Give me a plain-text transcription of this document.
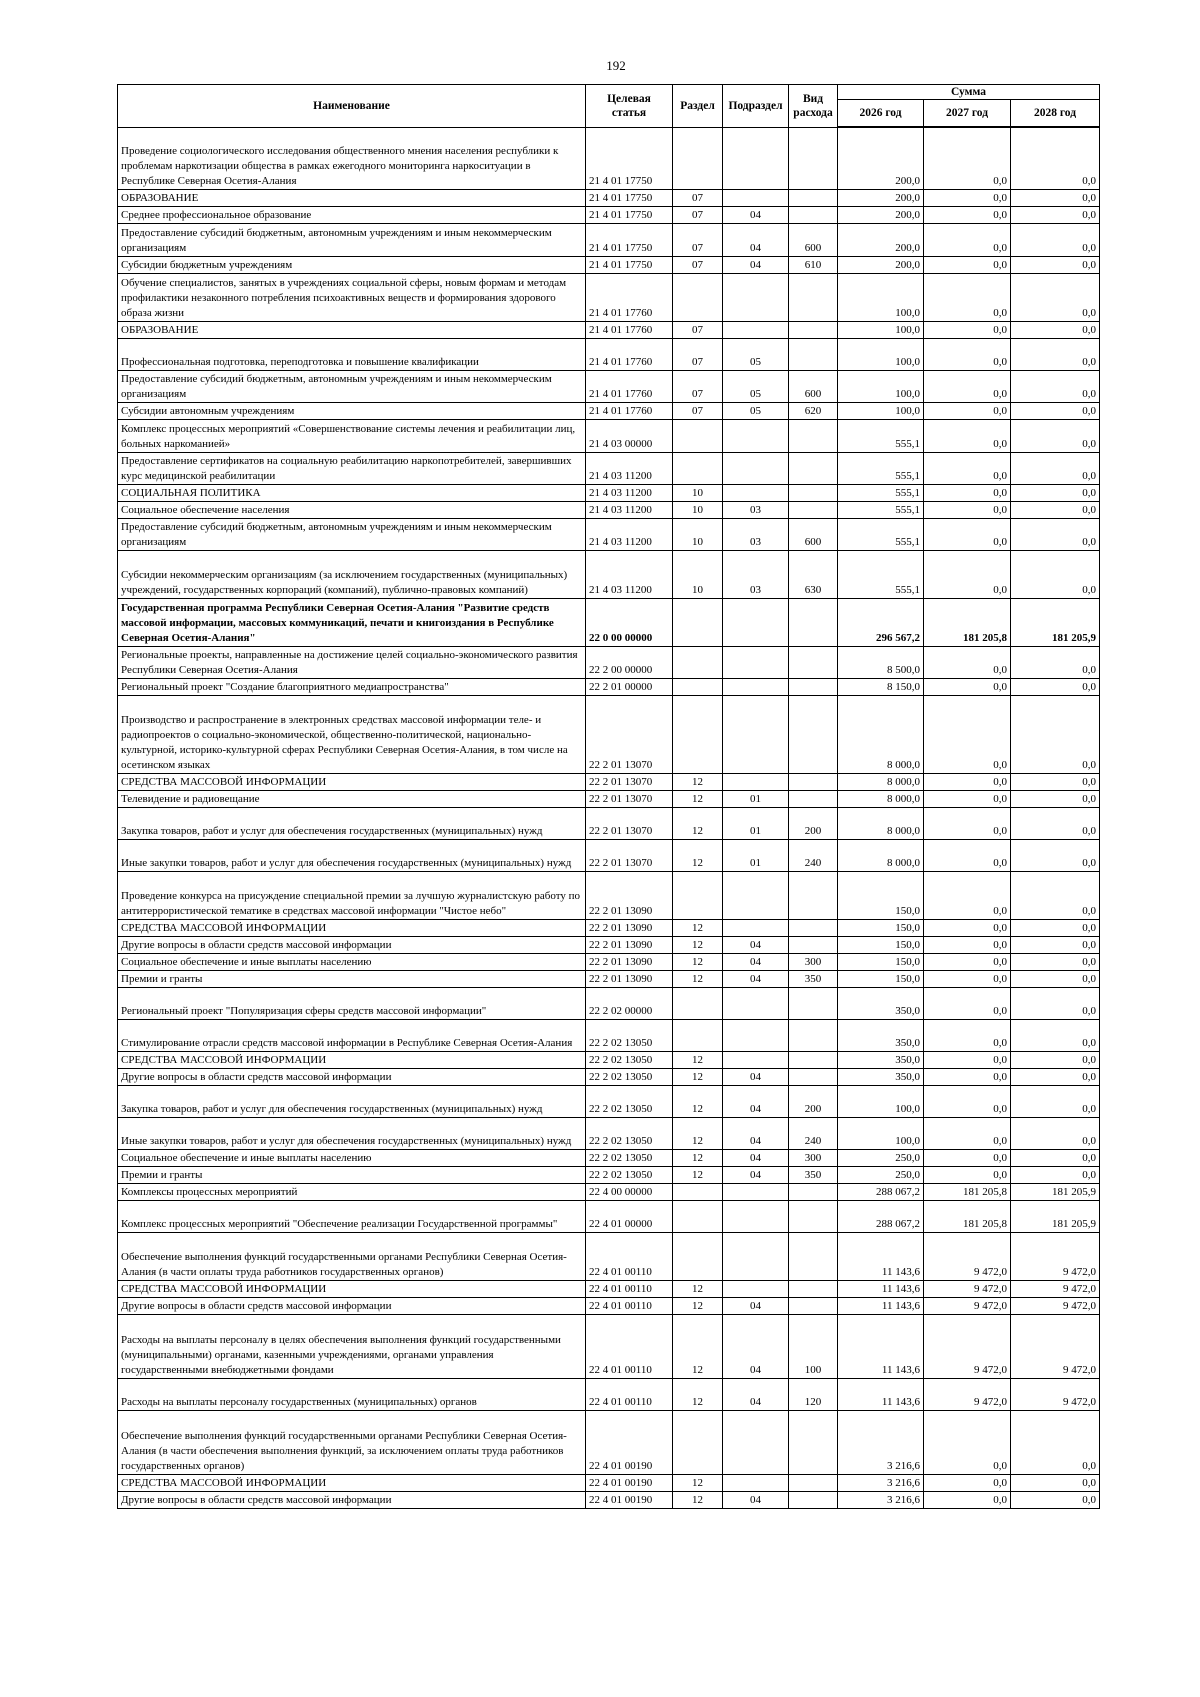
192
Наименование	Целевая статья	Раздел	Подраздел	Вид расхода	Сумма		
					2026 год	2027 год	2028 год
Проведение социологического исследования общественного мнения населения республики к проблемам наркотизации общества в рамках ежегодного мониторинга наркоситуации в Республике Северная Осетия-Алания	21 4 01 17750				200,0	0,0	0,0
ОБРАЗОВАНИЕ	21 4 01 17750	07			200,0	0,0	0,0
Среднее профессиональное образование	21 4 01 17750	07	04		200,0	0,0	0,0
Предоставление субсидий бюджетным, автономным учреждениям и иным некоммерческим организациям	21 4 01 17750	07	04	600	200,0	0,0	0,0
Субсидии бюджетным учреждениям	21 4 01 17750	07	04	610	200,0	0,0	0,0
Обучение специалистов, занятых в учреждениях социальной сферы, новым формам и методам профилактики незаконного потребления психоактивных веществ и формирования здорового образа жизни	21 4 01 17760				100,0	0,0	0,0
ОБРАЗОВАНИЕ	21 4 01 17760	07			100,0	0,0	0,0
Профессиональная подготовка, переподготовка и повышение квалификации	21 4 01 17760	07	05		100,0	0,0	0,0
Предоставление субсидий бюджетным, автономным учреждениям и иным некоммерческим организациям	21 4 01 17760	07	05	600	100,0	0,0	0,0
Субсидии автономным учреждениям	21 4 01 17760	07	05	620	100,0	0,0	0,0
Комплекс процессных мероприятий «Совершенствование системы лечения и реабилитации лиц, больных наркоманией»	21 4 03 00000				555,1	0,0	0,0
Предоставление сертификатов на социальную реабилитацию наркопотребителей, завершивших курс медицинской реабилитации	21 4 03 11200				555,1	0,0	0,0
СОЦИАЛЬНАЯ ПОЛИТИКА	21 4 03 11200	10			555,1	0,0	0,0
Социальное обеспечение населения	21 4 03 11200	10	03		555,1	0,0	0,0
Предоставление субсидий бюджетным, автономным учреждениям и иным некоммерческим организациям	21 4 03 11200	10	03	600	555,1	0,0	0,0
Субсидии некоммерческим организациям (за исключением государственных (муниципальных) учреждений, государственных корпораций (компаний), публично-правовых компаний)	21 4 03 11200	10	03	630	555,1	0,0	0,0
Государственная программа Республики Северная Осетия-Алания "Развитие средств массовой информации, массовых коммуникаций, печати и книгоиздания в Республике Северная Осетия-Алания"	22 0 00 00000				296 567,2	181 205,8	181 205,9
Региональные проекты, направленные на достижение целей социально-экономического развития Республики Северная Осетия-Алания	22 2 00 00000				8 500,0	0,0	0,0
Региональный проект "Создание благоприятного медиапространства"	22 2 01 00000				8 150,0	0,0	0,0
Производство и распространение в электронных средствах массовой информации теле- и радиопроектов о социально-экономической, общественно-политической, национально-культурной, историко-культурной сферах Республики Северная Осетия-Алания, в том числе на осетинском языках	22 2 01 13070				8 000,0	0,0	0,0
СРЕДСТВА МАССОВОЙ ИНФОРМАЦИИ	22 2 01 13070	12			8 000,0	0,0	0,0
Телевидение и радиовещание	22 2 01 13070	12	01		8 000,0	0,0	0,0
Закупка товаров, работ и услуг для обеспечения государственных (муниципальных) нужд	22 2 01 13070	12	01	200	8 000,0	0,0	0,0
Иные закупки товаров, работ и услуг для обеспечения государственных (муниципальных) нужд	22 2 01 13070	12	01	240	8 000,0	0,0	0,0
Проведение конкурса на присуждение специальной премии за лучшую журналистскую работу по антитеррористической тематике в средствах массовой информации "Чистое небо"	22 2 01 13090				150,0	0,0	0,0
СРЕДСТВА МАССОВОЙ ИНФОРМАЦИИ	22 2 01 13090	12			150,0	0,0	0,0
Другие вопросы в области средств массовой информации	22 2 01 13090	12	04		150,0	0,0	0,0
Социальное обеспечение и иные выплаты населению	22 2 01 13090	12	04	300	150,0	0,0	0,0
Премии и гранты	22 2 01 13090	12	04	350	150,0	0,0	0,0
Региональный проект "Популяризация сферы средств массовой информации"	22 2 02 00000				350,0	0,0	0,0
Стимулирование отрасли средств массовой информации в Республике Северная Осетия-Алания	22 2 02 13050				350,0	0,0	0,0
СРЕДСТВА МАССОВОЙ ИНФОРМАЦИИ	22 2 02 13050	12			350,0	0,0	0,0
Другие вопросы в области средств массовой информации	22 2 02 13050	12	04		350,0	0,0	0,0
Закупка товаров, работ и услуг для обеспечения государственных (муниципальных) нужд	22 2 02 13050	12	04	200	100,0	0,0	0,0
Иные закупки товаров, работ и услуг для обеспечения государственных (муниципальных) нужд	22 2 02 13050	12	04	240	100,0	0,0	0,0
Социальное обеспечение и иные выплаты населению	22 2 02 13050	12	04	300	250,0	0,0	0,0
Премии и гранты	22 2 02 13050	12	04	350	250,0	0,0	0,0
Комплексы процессных мероприятий	22 4 00 00000				288 067,2	181 205,8	181 205,9
Комплекс процессных мероприятий "Обеспечение реализации Государственной программы"	22 4 01 00000				288 067,2	181 205,8	181 205,9
Обеспечение выполнения функций государственными органами Республики Северная Осетия-Алания (в части оплаты труда работников государственных органов)	22 4 01 00110				11 143,6	9 472,0	9 472,0
СРЕДСТВА МАССОВОЙ ИНФОРМАЦИИ	22 4 01 00110	12			11 143,6	9 472,0	9 472,0
Другие вопросы в области средств массовой информации	22 4 01 00110	12	04		11 143,6	9 472,0	9 472,0
Расходы на выплаты персоналу в целях обеспечения выполнения функций государственными (муниципальными) органами, казенными учреждениями, органами управления государственными внебюджетными фондами	22 4 01 00110	12	04	100	11 143,6	9 472,0	9 472,0
Расходы на выплаты персоналу государственных (муниципальных) органов	22 4 01 00110	12	04	120	11 143,6	9 472,0	9 472,0
Обеспечение выполнения функций государственными органами Республики Северная Осетия-Алания (в части обеспечения выполнения функций, за исключением оплаты труда работников государственных органов)	22 4 01 00190				3 216,6	0,0	0,0
СРЕДСТВА МАССОВОЙ ИНФОРМАЦИИ	22 4 01 00190	12			3 216,6	0,0	0,0
Другие вопросы в области средств массовой информации	22 4 01 00190	12	04		3 216,6	0,0	0,0
